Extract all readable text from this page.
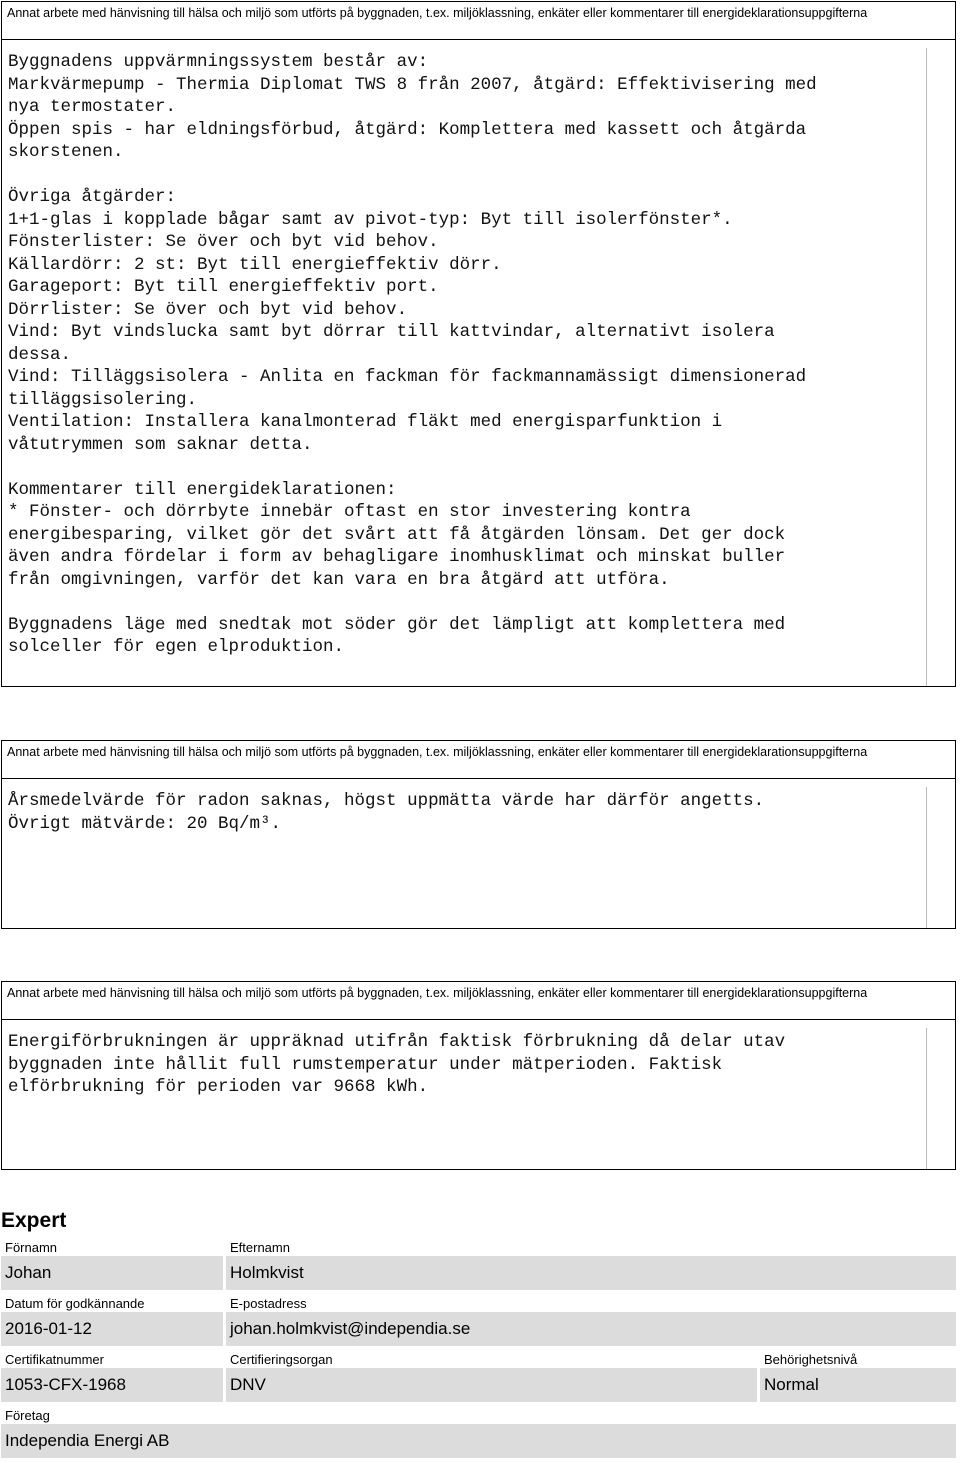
Annat arbete med hänvisning till hälsa och miljö som utförts på byggnaden, t.ex. miljöklassning, enkäter eller kommentarer till energideklarationsuppgifterna
Byggnadens uppvärmningssystem består av:
Markvärmepump - Thermia Diplomat TWS 8 från 2007, åtgärd: Effektivisering med
nya termostater.
Öppen spis - har eldningsförbud, åtgärd: Komplettera med kassett och åtgärda
skorstenen.
Övriga åtgärder:
1+1-glas i kopplade bågar samt av pivot-typ: Byt till isolerfönster*.
Fönsterlister: Se över och byt vid behov.
Källardörr: 2 st: Byt till energieffektiv dörr.
Garageport: Byt till energieffektiv port.
Dörrlister: Se över och byt vid behov.
Vind: Byt vindslucka samt byt dörrar till kattvindar, alternativt isolera
dessa.
Vind: Tilläggsisolera - Anlita en fackman för fackmannamässigt dimensionerad
tilläggsisolering.
Ventilation: Installera kanalmonterad fläkt med energisparfunktion i
våtutrymmen som saknar detta.
Kommentarer till energideklarationen:
* Fönster- och dörrbyte innebär oftast en stor investering kontra
energibesparing, vilket gör det svårt att få åtgärden lönsam. Det ger dock
även andra fördelar i form av behagligare inomhusklimat och minskat buller
från omgivningen, varför det kan vara en bra åtgärd att utföra.
Byggnadens läge med snedtak mot söder gör det lämpligt att komplettera med
solceller för egen elproduktion.
Annat arbete med hänvisning till hälsa och miljö som utförts på byggnaden, t.ex. miljöklassning, enkäter eller kommentarer till energideklarationsuppgifterna
Årsmedelvärde för radon saknas, högst uppmätta värde har därför angetts.
Övrigt mätvärde: 20 Bq/m³.
Annat arbete med hänvisning till hälsa och miljö som utförts på byggnaden, t.ex. miljöklassning, enkäter eller kommentarer till energideklarationsuppgifterna
Energiförbrukningen är uppräknad utifrån faktisk förbrukning då delar utav
byggnaden inte hållit full rumstemperatur under mätperioden. Faktisk
elförbrukning för perioden var 9668 kWh.
Expert
Förnamn
Johan
Efternamn
Holmkvist
Datum för godkännande
2016-01-12
E-postadress
johan.holmkvist@independia.se
Certifikatnummer
1053-CFX-1968
Certifieringsorgan
DNV
Behörighetsnivå
Normal
Företag
Independia Energi AB
